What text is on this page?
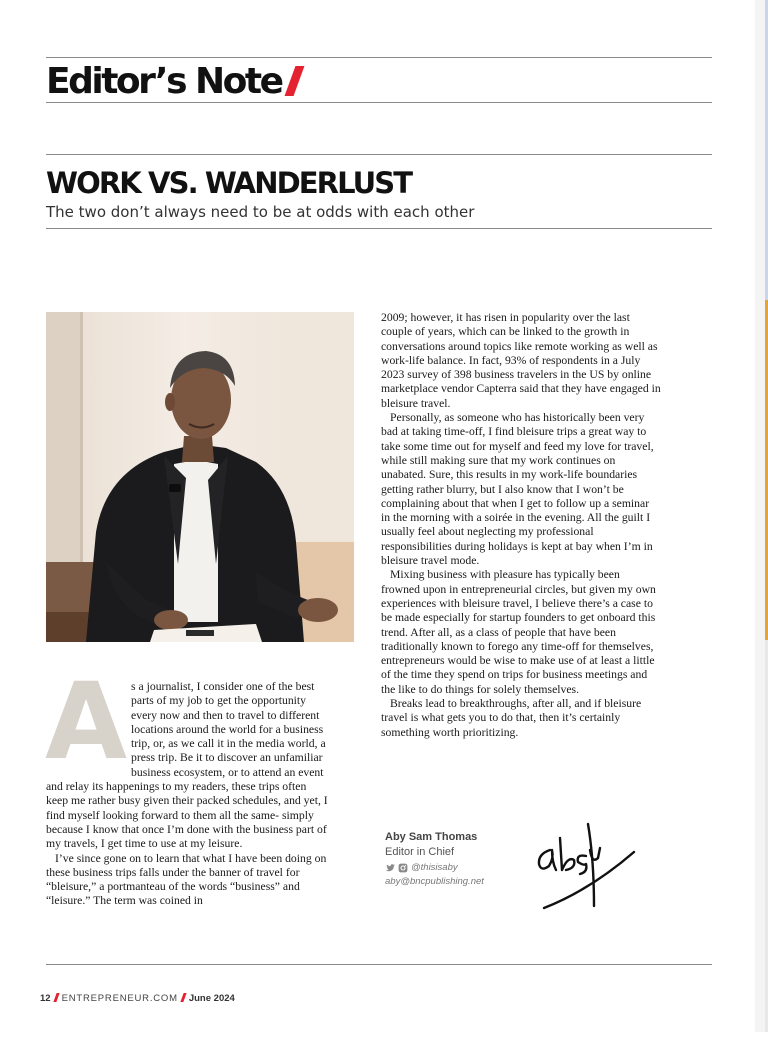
Editor’s Note
WORK VS. WANDERLUST

The two don’t always need to be at odds with each other

A s a journalist, I consider one of the best parts of my job to get the opportunity every now and then to travel to different locations around the world for a business trip, or, as we call it in the media world, a press trip. Be it to discover an unfamiliar business ecosystem, or to attend an event and relay its happenings to my readers, these trips often keep me rather busy given their packed schedules, and yet, I find myself looking forward to them all the same- simply because I know that once I’m done with the business part of my travels, I get time to use at my leisure.

I’ve since gone on to learn that what I have been doing on these business trips falls under the banner of travel for “bleisure,” a portmanteau of the words “business” and “leisure.” The term was coined in

2009; however, it has risen in popularity over the last couple of years, which can be linked to the growth in conversations around topics like remote working as well as work-life balance. In fact, 93% of respondents in a July 2023 survey of 398 business travelers in the US by online marketplace vendor Capterra said that they have engaged in bleisure travel.

Personally, as someone who has historically been very bad at taking time-off, I find bleisure trips a great way to take some time out for myself and feed my love for travel, while still making sure that my work continues on unabated. Sure, this results in my work-life boundaries getting rather blurry, but I also know that I won’t be complaining about that when I get to follow up a seminar in the morning with a soirée in the evening. All the guilt I usually feel about neglecting my professional responsibilities during holidays is kept at bay when I’m in bleisure travel mode.

Mixing business with pleasure has typically been frowned upon in entrepreneurial circles, but given my own experiences with bleisure travel, I believe there’s a case to be made especially for startup founders to get onboard this trend. After all, as a class of people that have been traditionally known to forego any time-off for themselves, entrepreneurs would be wise to make use of at least a little of the time they spend on trips for business meetings and the like to do things for solely themselves.

Breaks lead to breakthroughs, after all, and if bleisure travel is what gets you to do that, then it’s certainly something worth prioritizing.

Aby Sam Thomas
Editor in Chief
@thisisaby
aby@bncpublishing.net
12 ENTREPRENEUR.COM June 2024
